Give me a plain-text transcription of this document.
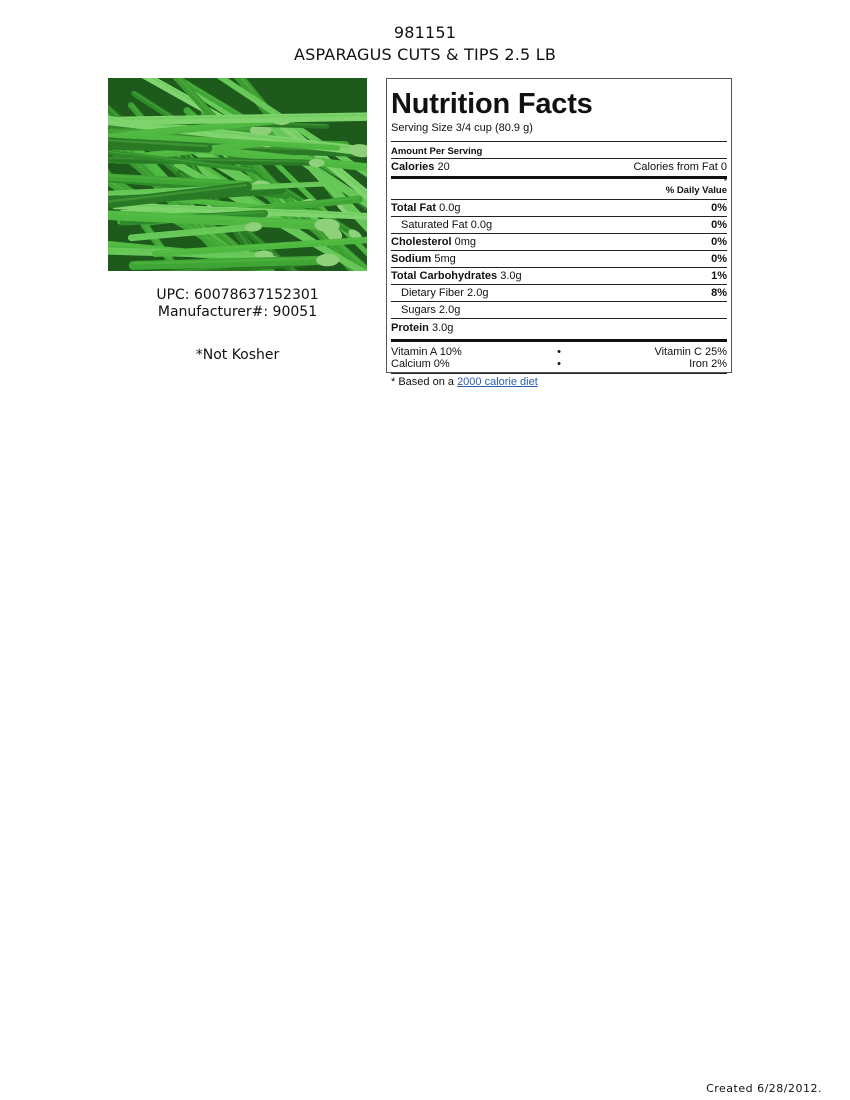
981151
ASPARAGUS CUTS & TIPS 2.5 LB
UPC: 60078637152301
Manufacturer#: 90051
*Not Kosher
Nutrition Facts
Serving Size 3/4 cup (80.9 g)
Amount Per Serving
Calories 20	Calories from Fat 0
% Daily Value
*
Total Fat 0.0g	0%
Saturated Fat 0.0g	0%
Cholesterol 0mg	0%
Sodium 5mg	0%
Total Carbohydrates 3.0g	1%
Dietary Fiber 2.0g	8%
Sugars 2.0g
Protein 3.0g
Vitamin A 10%	•	Vitamin C 25%
Calcium 0%	•	Iron 2%
* Based on a 2000 calorie diet
Created 6/28/2012.
